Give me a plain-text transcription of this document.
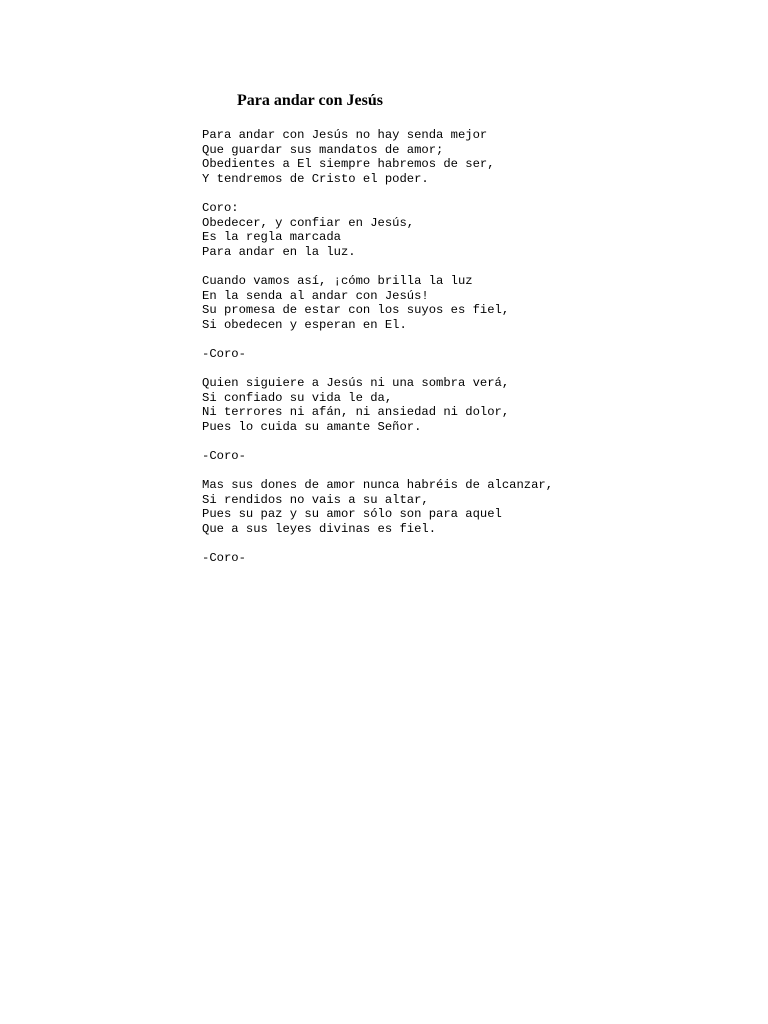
Para andar con Jesús
Para andar con Jesús no hay senda mejor
Que guardar sus mandatos de amor;
Obedientes a El siempre habremos de ser,
Y tendremos de Cristo el poder.
Coro:
Obedecer, y confiar en Jesús,
Es la regla marcada
Para andar en la luz.
Cuando vamos así, ¡cómo brilla la luz
En la senda al andar con Jesús!
Su promesa de estar con los suyos es fiel,
Si obedecen y esperan en El.
-Coro-
Quien siguiere a Jesús ni una sombra verá,
Si confiado su vida le da,
Ni terrores ni afán, ni ansiedad ni dolor,
Pues lo cuida su amante Señor.
-Coro-
Mas sus dones de amor nunca habréis de alcanzar,
Si rendidos no vais a su altar,
Pues su paz y su amor sólo son para aquel
Que a sus leyes divinas es fiel.
-Coro-
